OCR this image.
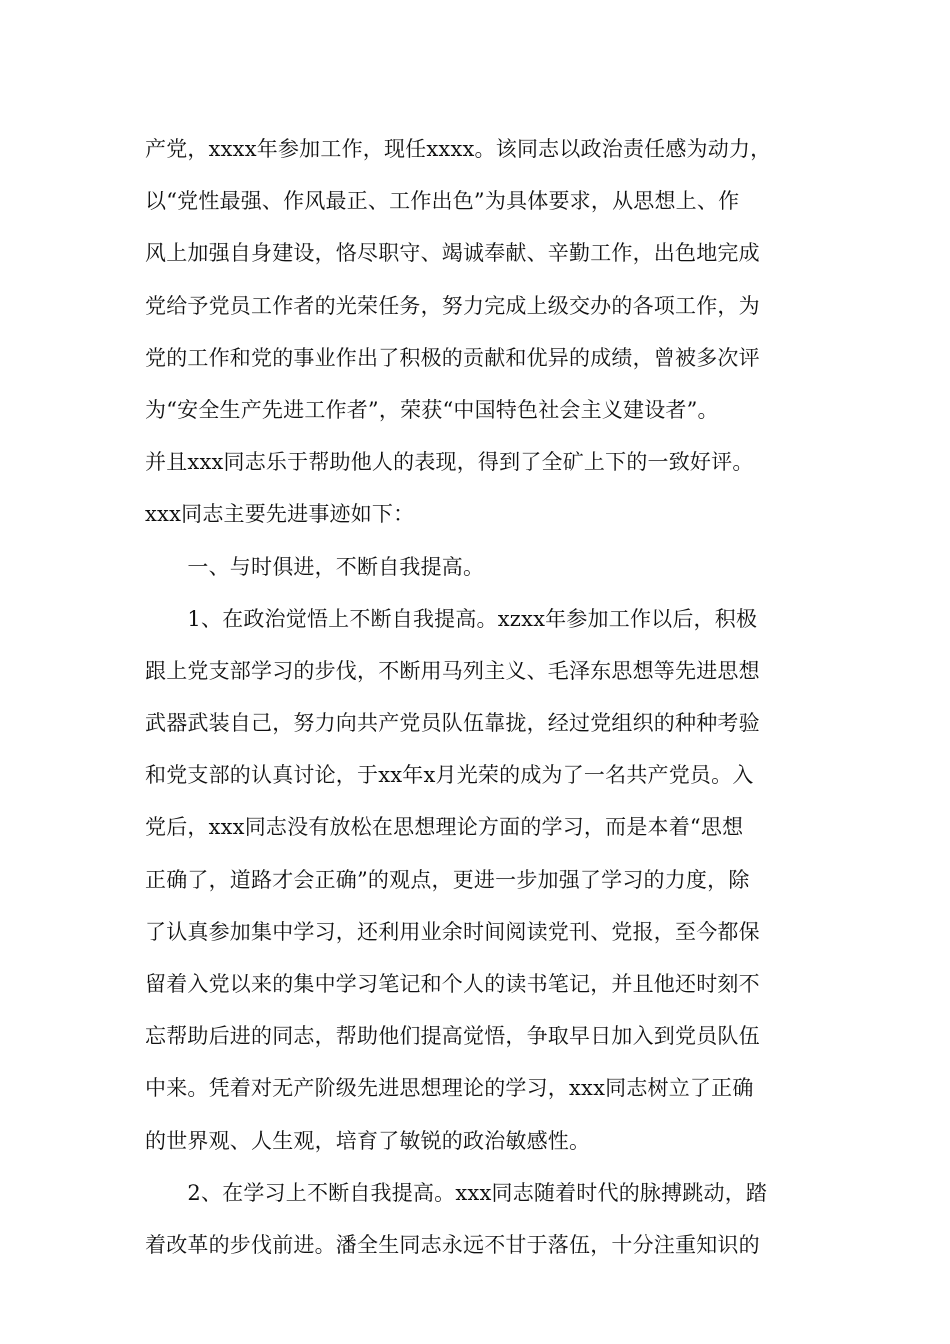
产党，xxxx年参加工作，现任xxxx。该同志以政治责任感为动力，
以“党性最强、作风最正、工作出色”为具体要求，从思想上、作
风上加强自身建设，恪尽职守、竭诚奉献、辛勤工作，出色地完成
党给予党员工作者的光荣任务，努力完成上级交办的各项工作，为
党的工作和党的事业作出了积极的贡献和优异的成绩，曾被多次评
为“安全生产先进工作者”，荣获“中国特色社会主义建设者”。
并且xxx同志乐于帮助他人的表现，得到了全矿上下的一致好评。
xxx同志主要先进事迹如下：
　　一、与时俱进，不断自我提高。
　　1、在政治觉悟上不断自我提高。xzxx年参加工作以后，积极
跟上党支部学习的步伐，不断用马列主义、毛泽东思想等先进思想
武器武装自己，努力向共产党员队伍靠拢，经过党组织的种种考验
和党支部的认真讨论，于xx年x月光荣的成为了一名共产党员。入
党后，xxx同志没有放松在思想理论方面的学习，而是本着“思想
正确了，道路才会正确”的观点，更进一步加强了学习的力度，除
了认真参加集中学习，还利用业余时间阅读党刊、党报，至今都保
留着入党以来的集中学习笔记和个人的读书笔记，并且他还时刻不
忘帮助后进的同志，帮助他们提高觉悟，争取早日加入到党员队伍
中来。凭着对无产阶级先进思想理论的学习，xxx同志树立了正确
的世界观、人生观，培育了敏锐的政治敏感性。
　　2、在学习上不断自我提高。xxx同志随着时代的脉搏跳动，踏
着改革的步伐前进。潘全生同志永远不甘于落伍，十分注重知识的
